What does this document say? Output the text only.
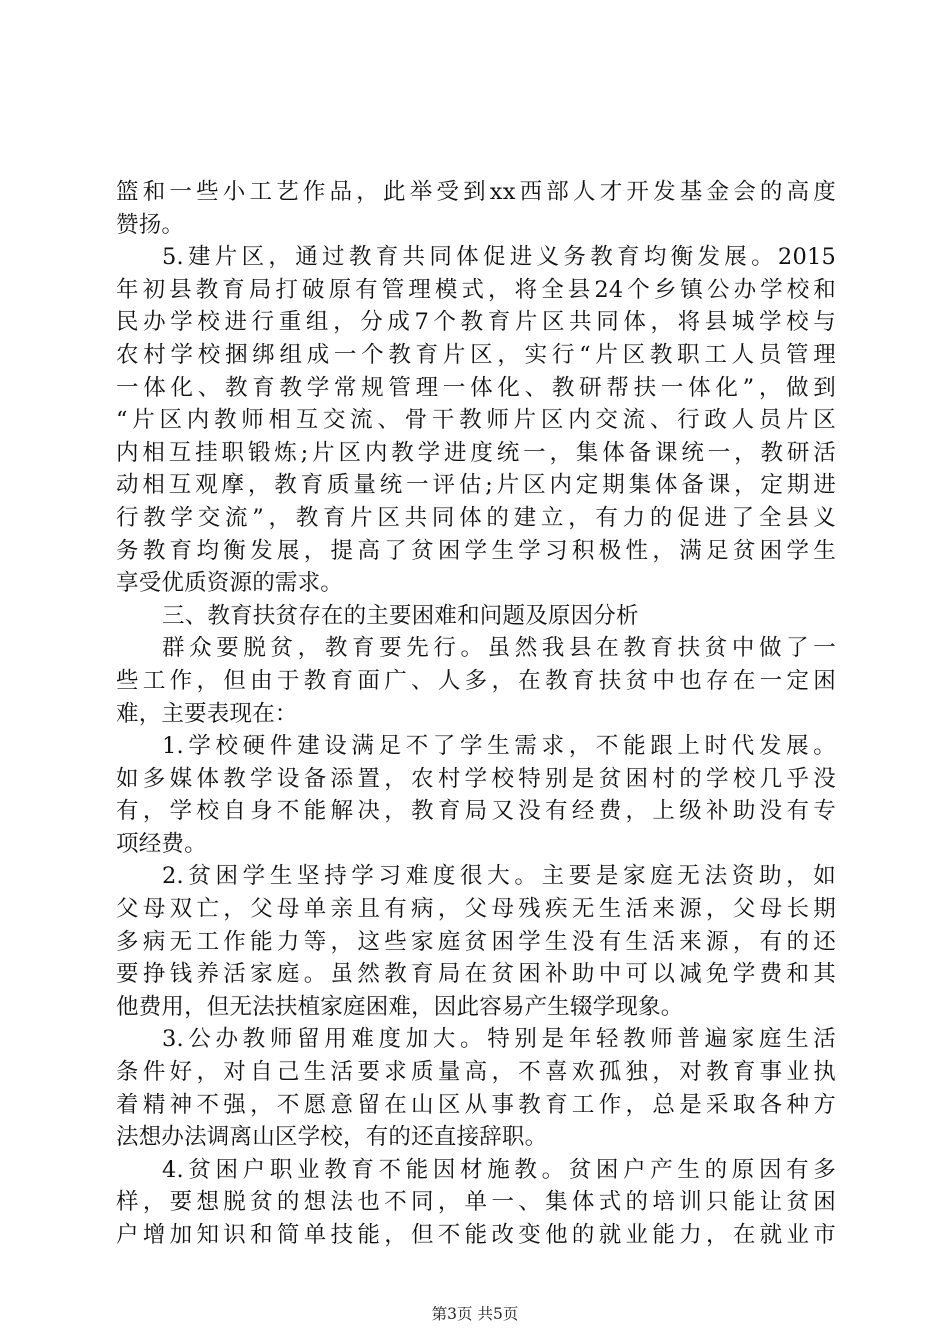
篮和一些小工艺作品，此举受到xx西部人才开发基金会的高度
赞扬。
5.建片区，通过教育共同体促进义务教育均衡发展。2015
年初县教育局打破原有管理模式，将全县24个乡镇公办学校和
民办学校进行重组，分成7个教育片区共同体，将县城学校与
农村学校捆绑组成一个教育片区，实行“片区教职工人员管理
一体化、教育教学常规管理一体化、教研帮扶一体化”，做到
“片区内教师相互交流、骨干教师片区内交流、行政人员片区
内相互挂职锻炼;片区内教学进度统一，集体备课统一，教研活
动相互观摩，教育质量统一评估;片区内定期集体备课，定期进
行教学交流”，教育片区共同体的建立，有力的促进了全县义
务教育均衡发展，提高了贫困学生学习积极性，满足贫困学生
享受优质资源的需求。
三、教育扶贫存在的主要困难和问题及原因分析
群众要脱贫，教育要先行。虽然我县在教育扶贫中做了一
些工作，但由于教育面广、人多，在教育扶贫中也存在一定困
难，主要表现在：
1.学校硬件建设满足不了学生需求，不能跟上时代发展。
如多媒体教学设备添置，农村学校特别是贫困村的学校几乎没
有，学校自身不能解决，教育局又没有经费，上级补助没有专
项经费。
2.贫困学生坚持学习难度很大。主要是家庭无法资助，如
父母双亡，父母单亲且有病，父母残疾无生活来源，父母长期
多病无工作能力等，这些家庭贫困学生没有生活来源，有的还
要挣钱养活家庭。虽然教育局在贫困补助中可以减免学费和其
他费用，但无法扶植家庭困难，因此容易产生辍学现象。
3.公办教师留用难度加大。特别是年轻教师普遍家庭生活
条件好，对自己生活要求质量高，不喜欢孤独，对教育事业执
着精神不强，不愿意留在山区从事教育工作，总是采取各种方
法想办法调离山区学校，有的还直接辞职。
4.贫困户职业教育不能因材施教。贫困户产生的原因有多
样，要想脱贫的想法也不同，单一、集体式的培训只能让贫困
户增加知识和简单技能，但不能改变他的就业能力，在就业市
第3页 共5页
